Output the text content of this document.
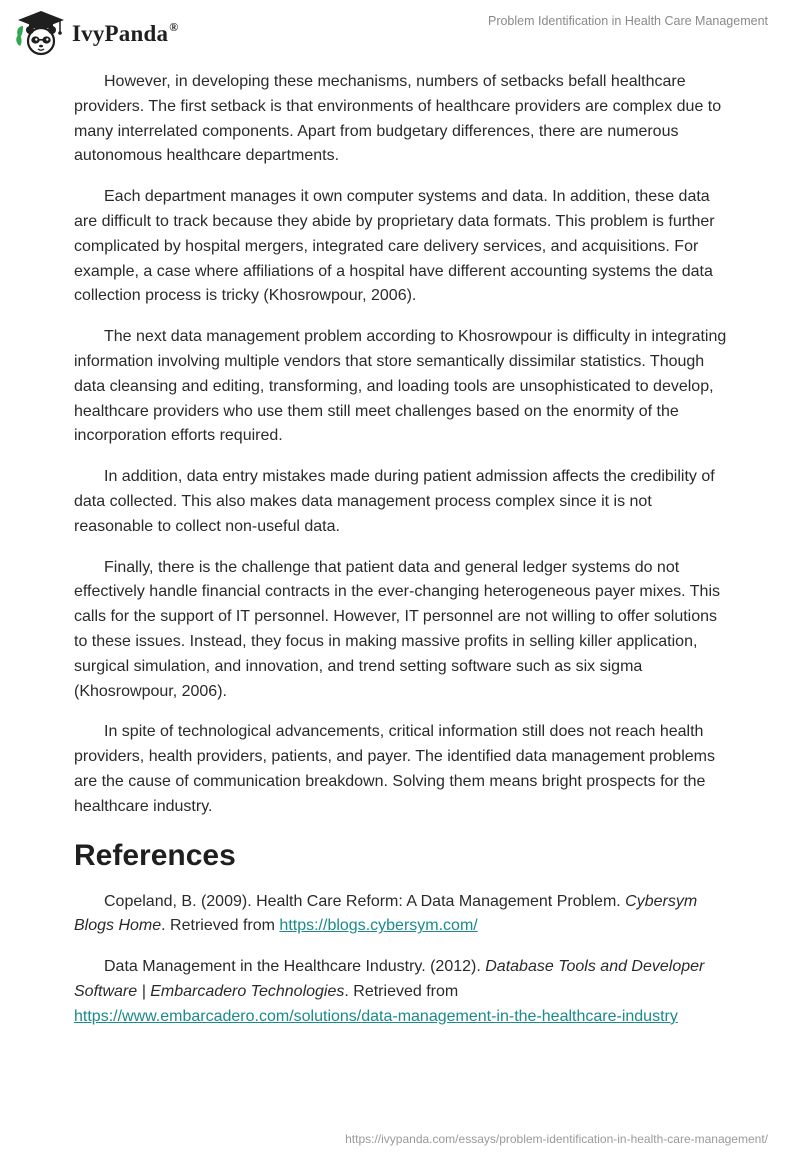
IvyPanda®	Problem Identification in Health Care Management

However, in developing these mechanisms, numbers of setbacks befall healthcare providers. The first setback is that environments of healthcare providers are complex due to many interrelated components. Apart from budgetary differences, there are numerous autonomous healthcare departments.

Each department manages it own computer systems and data. In addition, these data are difficult to track because they abide by proprietary data formats. This problem is further complicated by hospital mergers, integrated care delivery services, and acquisitions. For example, a case where affiliations of a hospital have different accounting systems the data collection process is tricky (Khosrowpour, 2006).

The next data management problem according to Khosrowpour is difficulty in integrating information involving multiple vendors that store semantically dissimilar statistics. Though data cleansing and editing, transforming, and loading tools are unsophisticated to develop, healthcare providers who use them still meet challenges based on the enormity of the incorporation efforts required.

In addition, data entry mistakes made during patient admission affects the credibility of data collected. This also makes data management process complex since it is not reasonable to collect non-useful data.

Finally, there is the challenge that patient data and general ledger systems do not effectively handle financial contracts in the ever-changing heterogeneous payer mixes. This calls for the support of IT personnel. However, IT personnel are not willing to offer solutions to these issues. Instead, they focus in making massive profits in selling killer application, surgical simulation, and innovation, and trend setting software such as six sigma (Khosrowpour, 2006).

In spite of technological advancements, critical information still does not reach health providers, health providers, patients, and payer. The identified data management problems are the cause of communication breakdown. Solving them means bright prospects for the healthcare industry.

References

Copeland, B. (2009). Health Care Reform: A Data Management Problem. Cybersym Blogs Home. Retrieved from https://blogs.cybersym.com/

Data Management in the Healthcare Industry. (2012). Database Tools and Developer Software | Embarcadero Technologies. Retrieved from https://www.embarcadero.com/solutions/data-management-in-the-healthcare-industry

https://ivypanda.com/essays/problem-identification-in-health-care-management/
